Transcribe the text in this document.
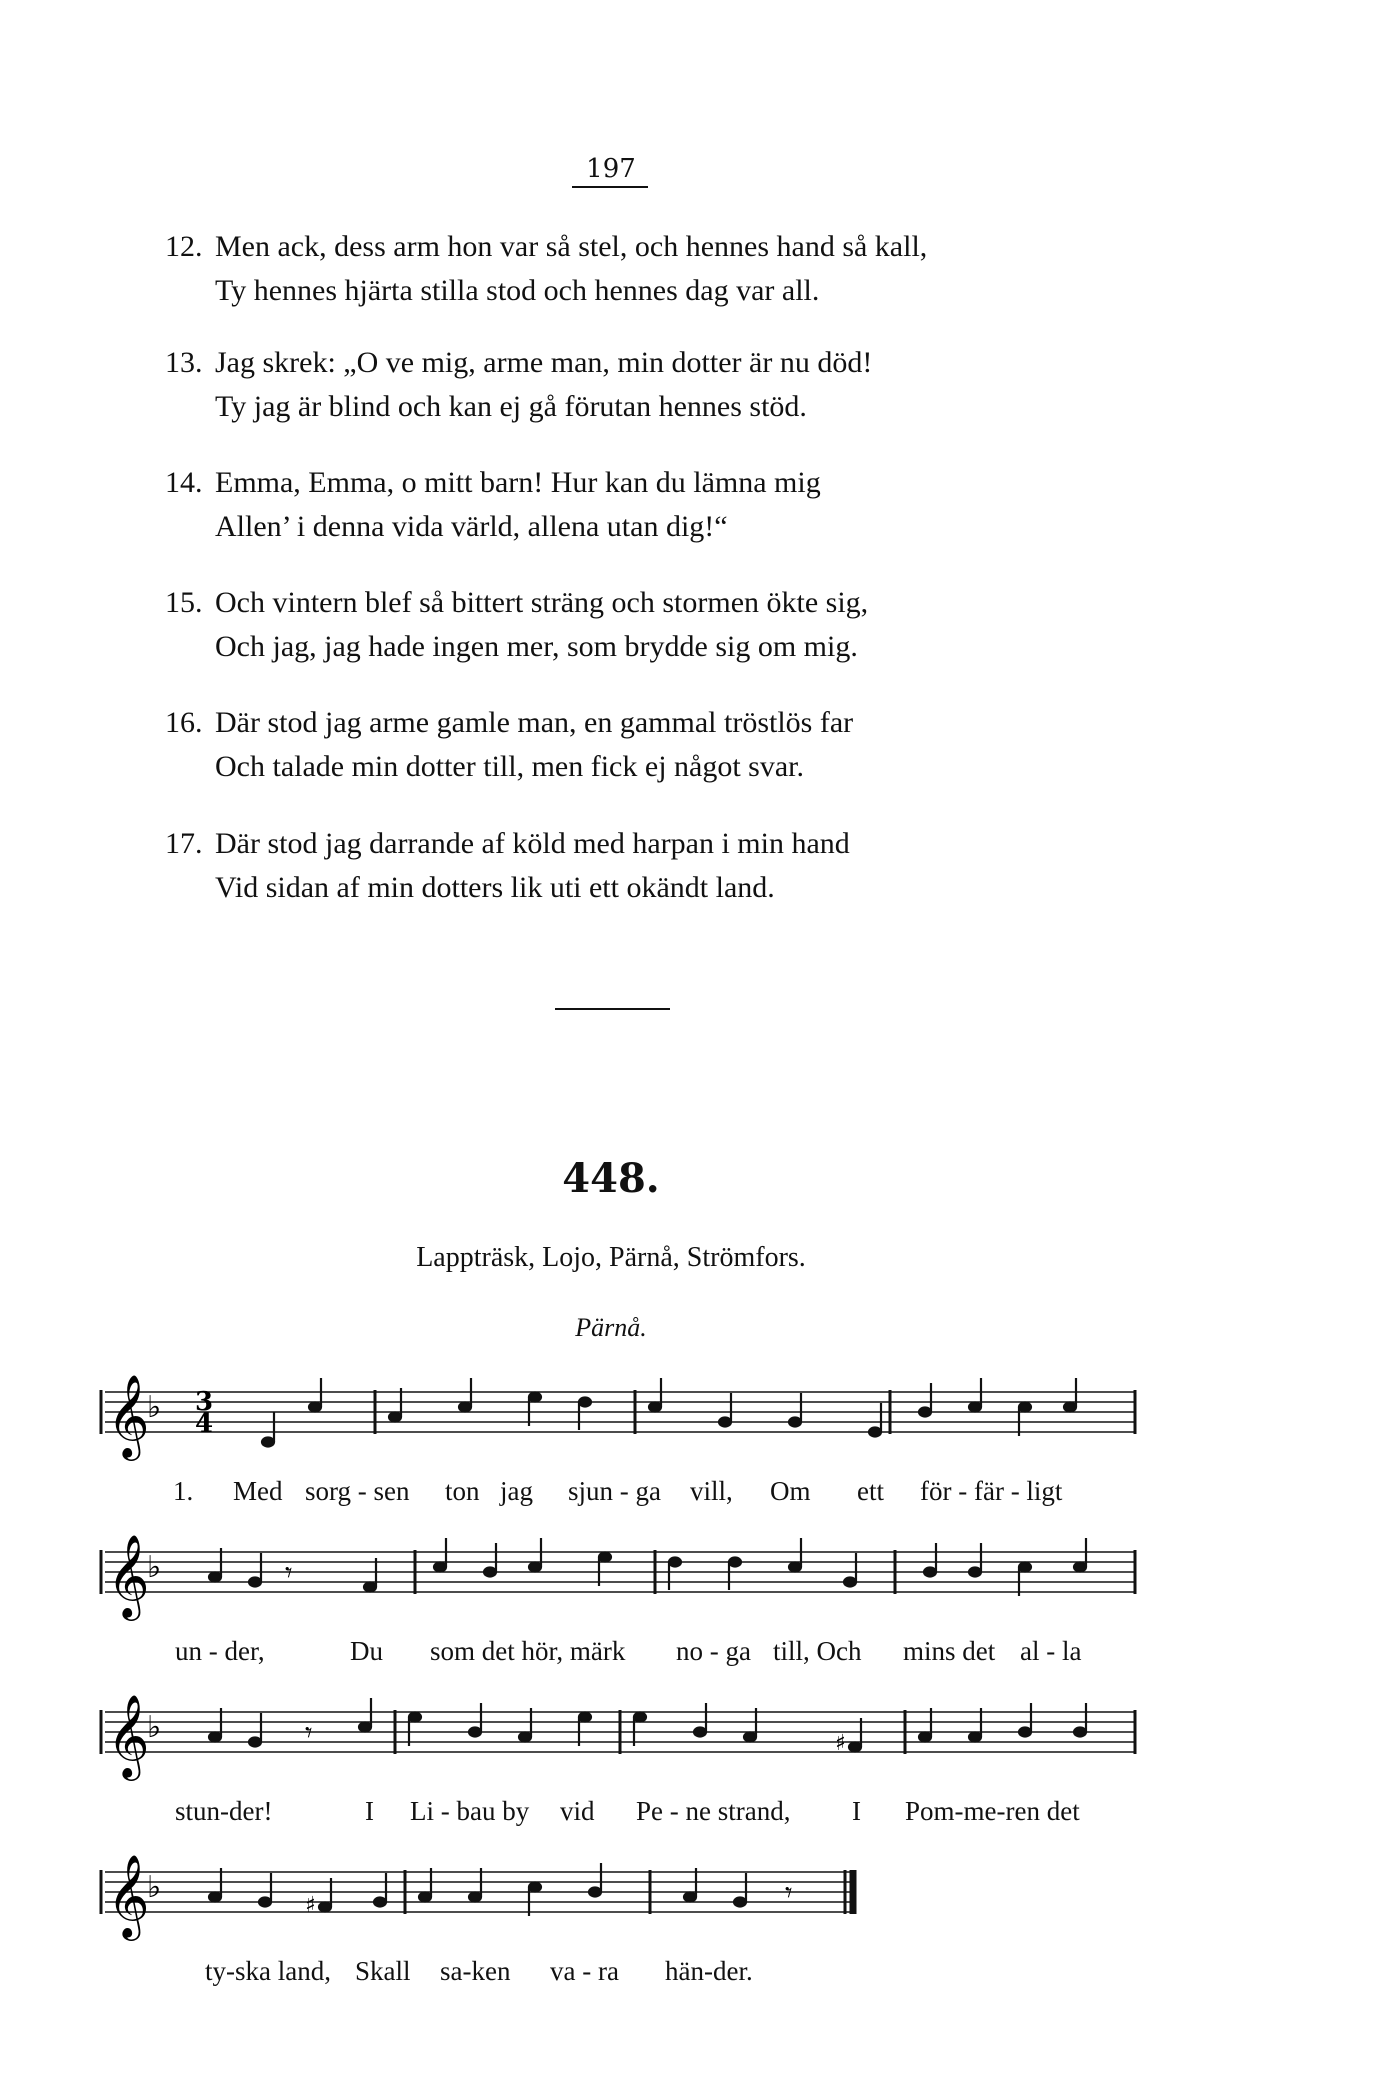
197
12. Men ack, dess arm hon var så stel, och hennes hand så kall,
Ty hennes hjärta stilla stod och hennes dag var all.
13. Jag skrek: „O ve mig, arme man, min dotter är nu död!
Ty jag är blind och kan ej gå förutan hennes stöd.
14. Emma, Emma, o mitt barn! Hur kan du lämna mig
Allen’ i denna vida värld, allena utan dig!“
15. Och vintern blef så bittert sträng och stormen ökte sig,
Och jag, jag hade ingen mer, som brydde sig om mig.
16. Där stod jag arme gamle man, en gammal tröstlös far
Och talade min dotter till, men fick ej något svar.
17. Där stod jag darrande af köld med harpan i min hand
Vid sidan af min dotters lik uti ett okändt land.
448.
Lappträsk, Lojo, Pärnå, Strömfors.
Pärnå.
𝄞
♭ 3
4
1. Med sorg - sen ton jag sjun - ga vill, Om ett för - fär - ligt
𝄞
♭	𝄾
un - der,	Du som det hör, märk no - ga till, Och mins det al - la
𝄞
♭	𝄾	♯
stun-der!	I Li - bau by vid Pe - ne strand, I Pom-me-ren det
𝄞
♭
♯	𝄾
ty-ska land, Skall sa-ken va - ra hän-der.
